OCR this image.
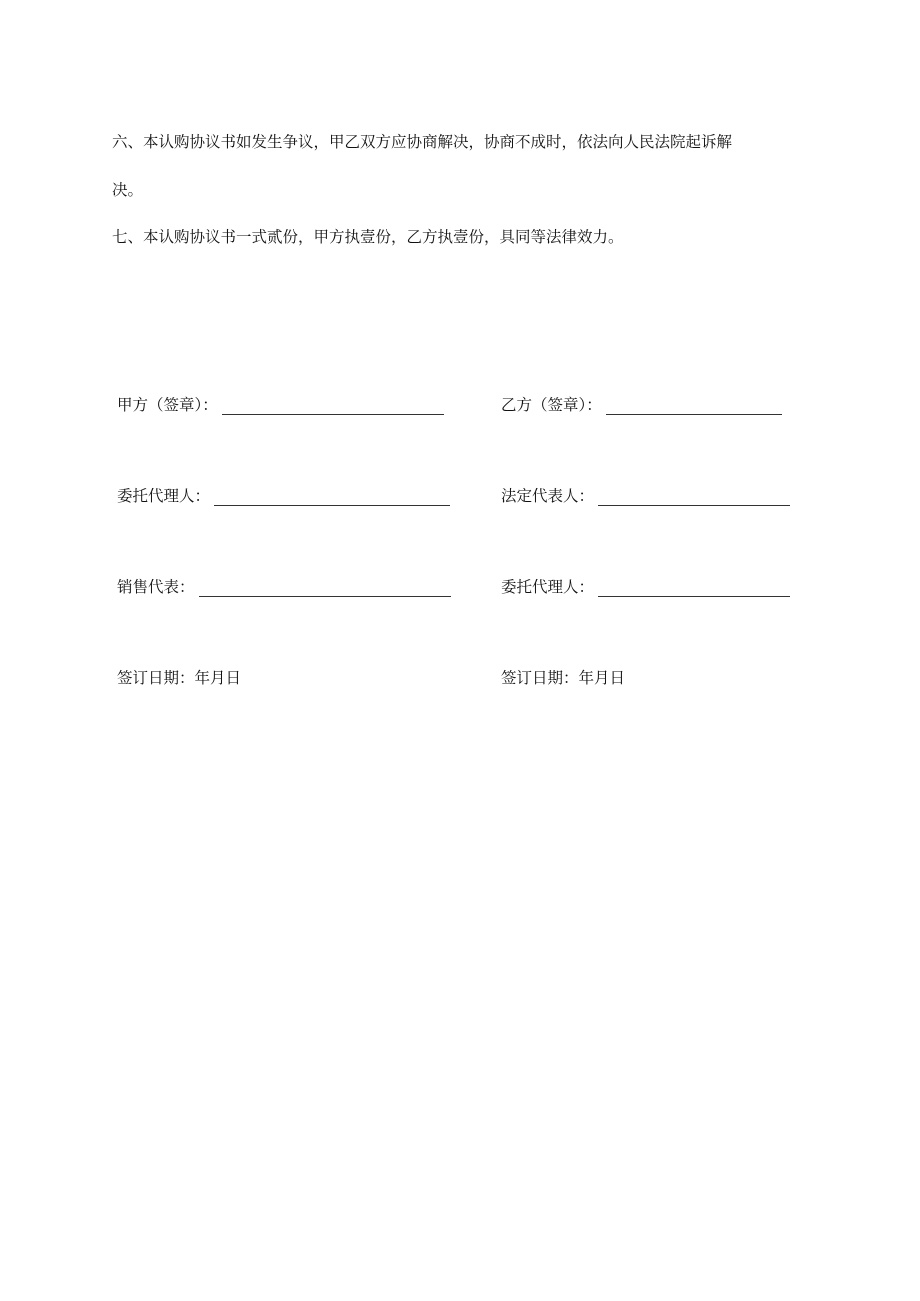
六、本认购协议书如发生争议，甲乙双方应协商解决，协商不成时，依法向人民法院起诉解

决。

七、本认购协议书一式贰份，甲方执壹份，乙方执壹份，具同等法律效力。

甲方（签章）：
委托代理人：
销售代表：
签订日期：年月日
乙方（签章）：
法定代表人：
委托代理人：
签订日期：年月日
